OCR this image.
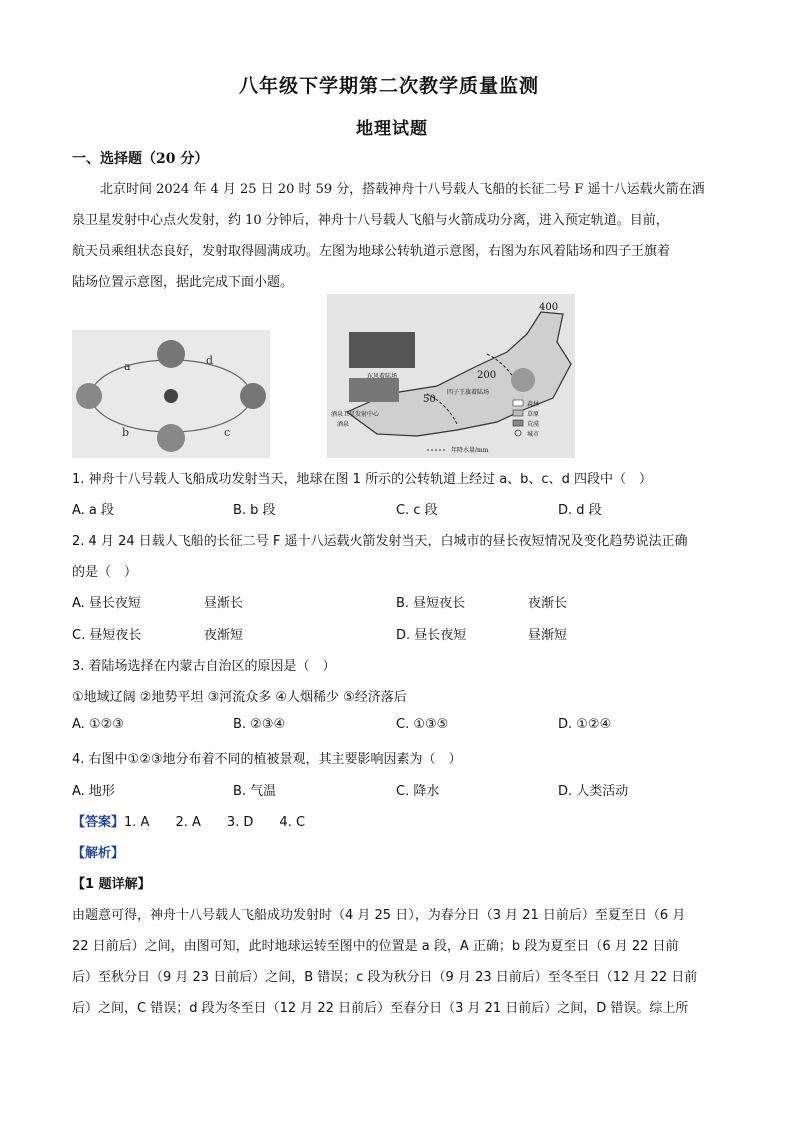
八年级下学期第二次教学质量监测
地理试题
一、选择题（20 分）
北京时间 2024 年 4 月 25 日 20 时 59 分，搭载神舟十八号载人飞船的长征二号 F 遥十八运载火箭在酒
泉卫星发射中心点火发射，约 10 分钟后，神舟十八号载人飞船与火箭成功分离，进入预定轨道。目前，
航天员乘组状态良好，发射取得圆满成功。左图为地球公转轨道示意图，右图为东风着陆场和四子王旗着
陆场位置示意图，据此完成下面小题。
a
b	c
d
400
200
50
东风着陆场
酒泉卫星发射中心
酒泉
四子王旗着陆场
森林
草原
荒漠
城市
年降水量/mm
1. 神舟十八号载人飞船成功发射当天，地球在图 1 所示的公转轨道上经过 a、b、c、d 四段中（　）
A. a 段	B. b 段	C. c 段	D. d 段
2. 4 月 24 日载人飞船的长征二号 F 遥十八运载火箭发射当天，白城市的昼长夜短情况及变化趋势说法正确
的是（　）
A. 昼长夜短	昼渐长	B. 昼短夜长	夜渐长
C. 昼短夜长	夜渐短	D. 昼长夜短	昼渐短
3. 着陆场选择在内蒙古自治区的原因是（　）
①地域辽阔 ②地势平坦 ③河流众多 ④人烟稀少 ⑤经济落后
A. ①②③	B. ②③④	C. ①③⑤	D. ①②④
4. 右图中①②③地分布着不同的植被景观，其主要影响因素为（　）
A. 地形	B. 气温	C. 降水	D. 人类活动
【答案】1. A　　2. A　　3. D　　4. C
【解析】
【1 题详解】
由题意可得，神舟十八号载人飞船成功发射时（4 月 25 日），为春分日（3 月 21 日前后）至夏至日（6 月
22 日前后）之间，由图可知，此时地球运转至图中的位置是 a 段，A 正确；b 段为夏至日（6 月 22 日前
后）至秋分日（9 月 23 日前后）之间，B 错误；c 段为秋分日（9 月 23 日前后）至冬至日（12 月 22 日前
后）之间，C 错误；d 段为冬至日（12 月 22 日前后）至春分日（3 月 21 日前后）之间，D 错误。综上所
